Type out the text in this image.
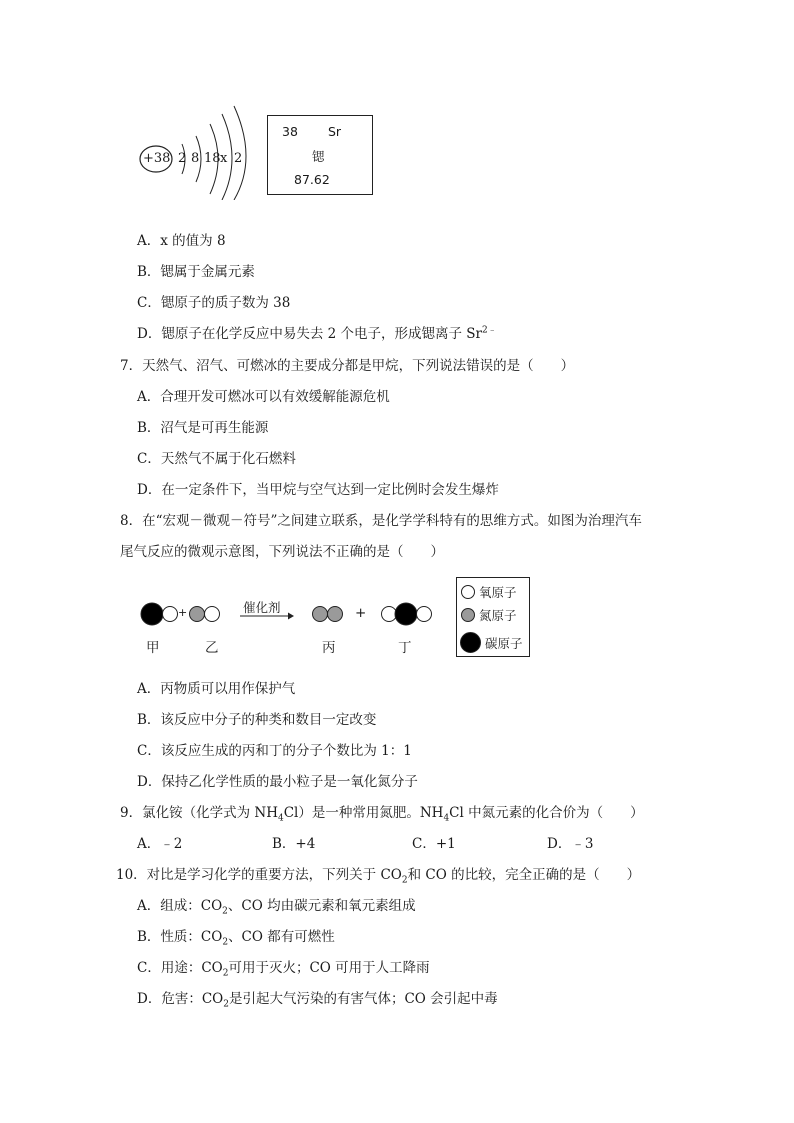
+38 2 8 18 x 2
38 Sr
锶
87.62
A．x 的值为 8
B．锶属于金属元素
C．锶原子的质子数为 38
D．锶原子在化学反应中易失去 2 个电子，形成锶离子 $Sr^{2﹣}$
7．天然气、沼气、可燃冰的主要成分都是甲烷，下列说法错误的是（　　）
A．合理开发可燃冰可以有效缓解能源危机
B．沼气是可再生能源
C．天然气不属于化石燃料
D．在一定条件下，当甲烷与空气达到一定比例时会发生爆炸
8．在“宏观－微观－符号”之间建立联系，是化学学科特有的思维方式。如图为治理汽车
尾气反应的微观示意图，下列说法不正确的是（　　）
+	催化剂	+
甲	乙	丙	丁
氧原子
氮原子
碳原子
A．丙物质可以用作保护气
B．该反应中分子的种类和数目一定改变
C．该反应生成的丙和丁的分子个数比为 1：1
D．保持乙化学性质的最小粒子是一氧化氮分子
9．氯化铵（化学式为 $NH_4Cl$）是一种常用氮肥。$NH_4Cl$ 中氮元素的化合价为（　　）
A．﹣2	B．+4	C．+1	D．﹣3
10．对比是学习化学的重要方法，下列关于 $CO_2$和 CO 的比较，完全正确的是（　　）
A．组成：$CO_2$、CO 均由碳元素和氧元素组成
B．性质：$CO_2$、CO 都有可燃性
C．用途：$CO_2$可用于灭火；CO 可用于人工降雨
D．危害：$CO_2$是引起大气污染的有害气体；CO 会引起中毒
